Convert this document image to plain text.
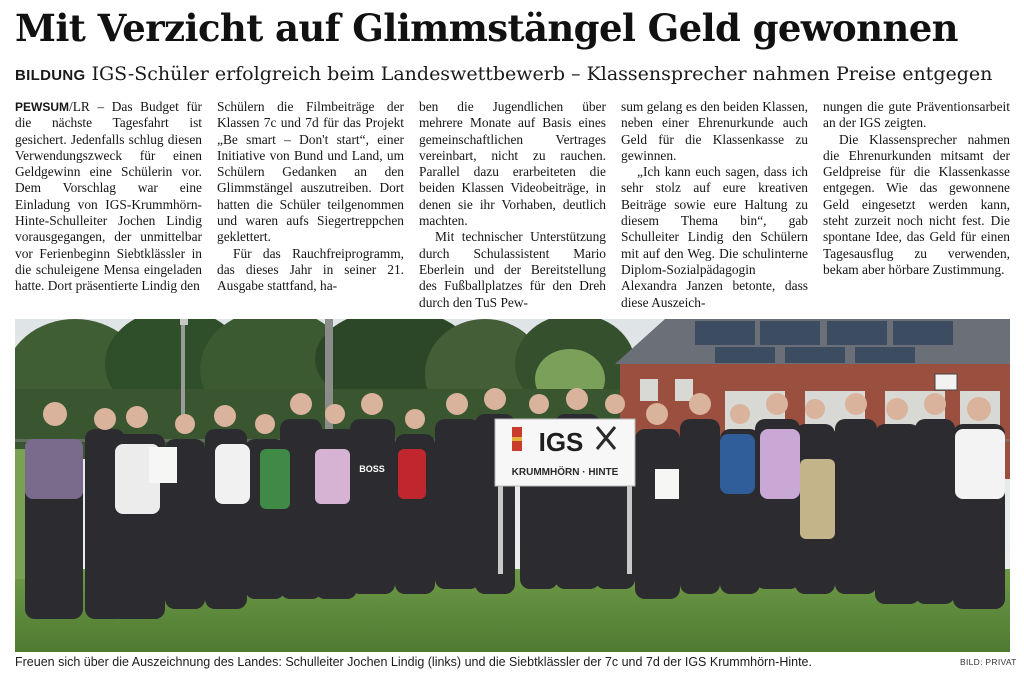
Mit Verzicht auf Glimmstängel Geld gewonnen
BILDUNG IGS-Schüler erfolgreich beim Landeswettbewerb – Klassensprecher nahmen Preise entgegen

PEWSUM/LR – Das Budget für die nächste Tagesfahrt ist gesichert. Jedenfalls schlug diesen Verwendungszweck für einen Geldgewinn eine Schülerin vor. Dem Vorschlag war eine Einladung von IGS-Krummhörn-Hinte-Schulleiter Jochen Lindig vorausgegangen, der unmittelbar vor Ferienbeginn Siebtklässler in die schuleigene Mensa eingeladen hatte. Dort präsentierte Lindig den

Schülern die Filmbeiträge der Klassen 7c und 7d für das Projekt „Be smart – Don't start“, einer Initiative von Bund und Land, um Schülern Gedanken an den Glimmstängel auszutreiben. Dort hatten die Schüler teilgenommen und waren aufs Siegertreppchen geklettert.

Für das Rauchfreiprogramm, das dieses Jahr in seiner 21. Ausgabe stattfand, ha-

ben die Jugendlichen über mehrere Monate auf Basis eines gemeinschaftlichen Vertrages vereinbart, nicht zu rauchen. Parallel dazu erarbeiteten die beiden Klassen Videobeiträge, in denen sie ihr Vorhaben, deutlich machten.

Mit technischer Unterstützung durch Schulassistent Mario Eberlein und der Bereitstellung des Fußballplatzes für den Dreh durch den TuS Pew-

sum gelang es den beiden Klassen, neben einer Ehrenurkunde auch Geld für die Klassenkasse zu gewinnen.

„Ich kann euch sagen, dass ich sehr stolz auf eure kreativen Beiträge sowie eure Haltung zu diesem Thema bin“, gab Schulleiter Lindig den Schülern mit auf den Weg. Die schulinterne Diplom-Sozialpädagogin Alexandra Janzen betonte, dass diese Auszeich-

nungen die gute Präventionsarbeit an der IGS zeigten.

Die Klassensprecher nahmen die Ehrenurkunden mitsamt der Geldpreise für die Klassenkasse entgegen. Wie das gewonnene Geld eingesetzt werden kann, steht zurzeit noch nicht fest. Die spontane Idee, das Geld für einen Tagesausflug zu verwenden, bekam aber hörbare Zustimmung.

BOSS
IGS
KRUMMHÖRN · HINTE
Freuen sich über die Auszeichnung des Landes: Schulleiter Jochen Lindig (links) und die Siebtklässler der 7c und 7d der IGS Krummhörn-Hinte.	BILD: PRIVAT
